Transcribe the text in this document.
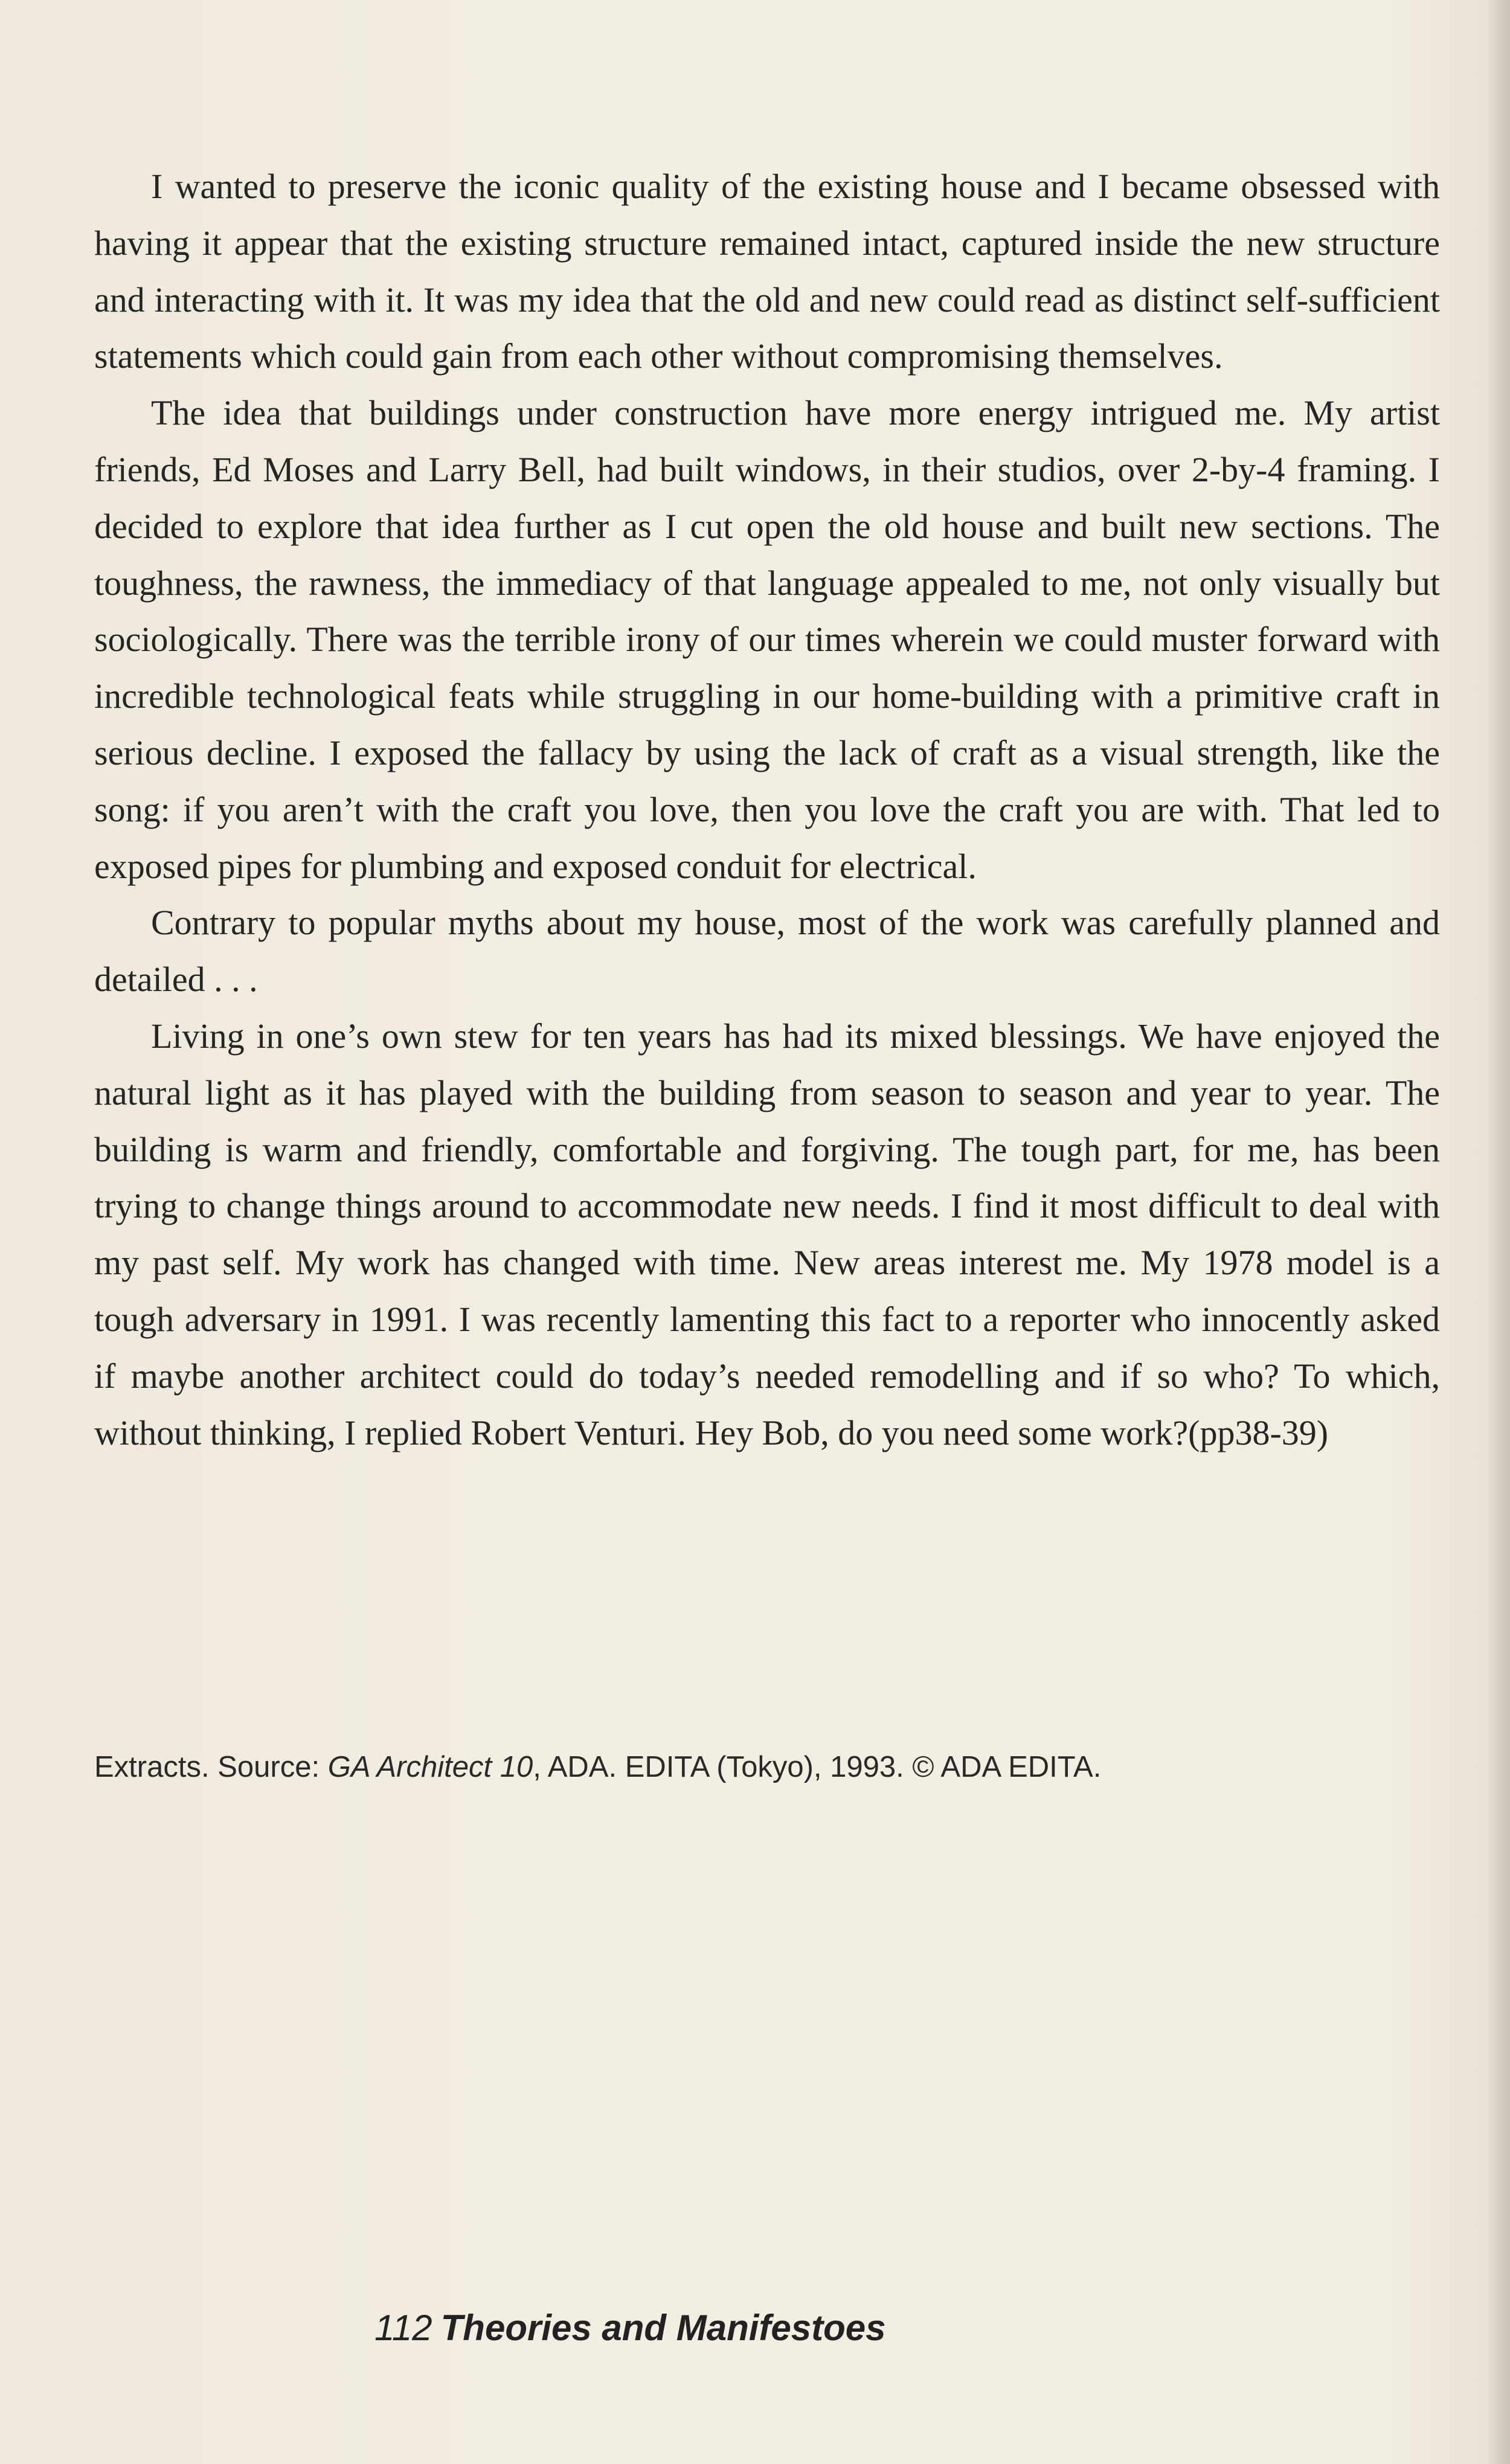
I wanted to preserve the iconic quality of the existing house and I became obsessed with having it appear that the existing structure remained intact, captured inside the new structure and interacting with it. It was my idea that the old and new could read as distinct self-sufficient statements which could gain from each other without compromising themselves.

The idea that buildings under construction have more energy intrigued me. My artist friends, Ed Moses and Larry Bell, had built windows, in their studios, over 2-by-4 framing. I decided to explore that idea further as I cut open the old house and built new sections. The toughness, the rawness, the immediacy of that language appealed to me, not only visually but sociologically. There was the terrible irony of our times wherein we could muster forward with incredible technological feats while struggling in our home-building with a primitive craft in serious decline. I exposed the fallacy by using the lack of craft as a visual strength, like the song: if you aren’t with the craft you love, then you love the craft you are with. That led to exposed pipes for plumbing and exposed conduit for electrical.

Contrary to popular myths about my house, most of the work was carefully planned and detailed . . .

Living in one’s own stew for ten years has had its mixed blessings. We have enjoyed the natural light as it has played with the building from season to season and year to year. The building is warm and friendly, comfortable and forgiving. The tough part, for me, has been trying to change things around to accommodate new needs. I find it most difficult to deal with my past self. My work has changed with time. New areas interest me. My 1978 model is a tough adversary in 1991. I was recently lamenting this fact to a reporter who innocently asked if maybe another architect could do today’s needed remodelling and if so who? To which, without thinking, I replied Robert Venturi. Hey Bob, do you need some work?(pp38-39)

Extracts. Source: GA Architect 10, ADA. EDITA (Tokyo), 1993. © ADA EDITA.
112 Theories and Manifestoes
